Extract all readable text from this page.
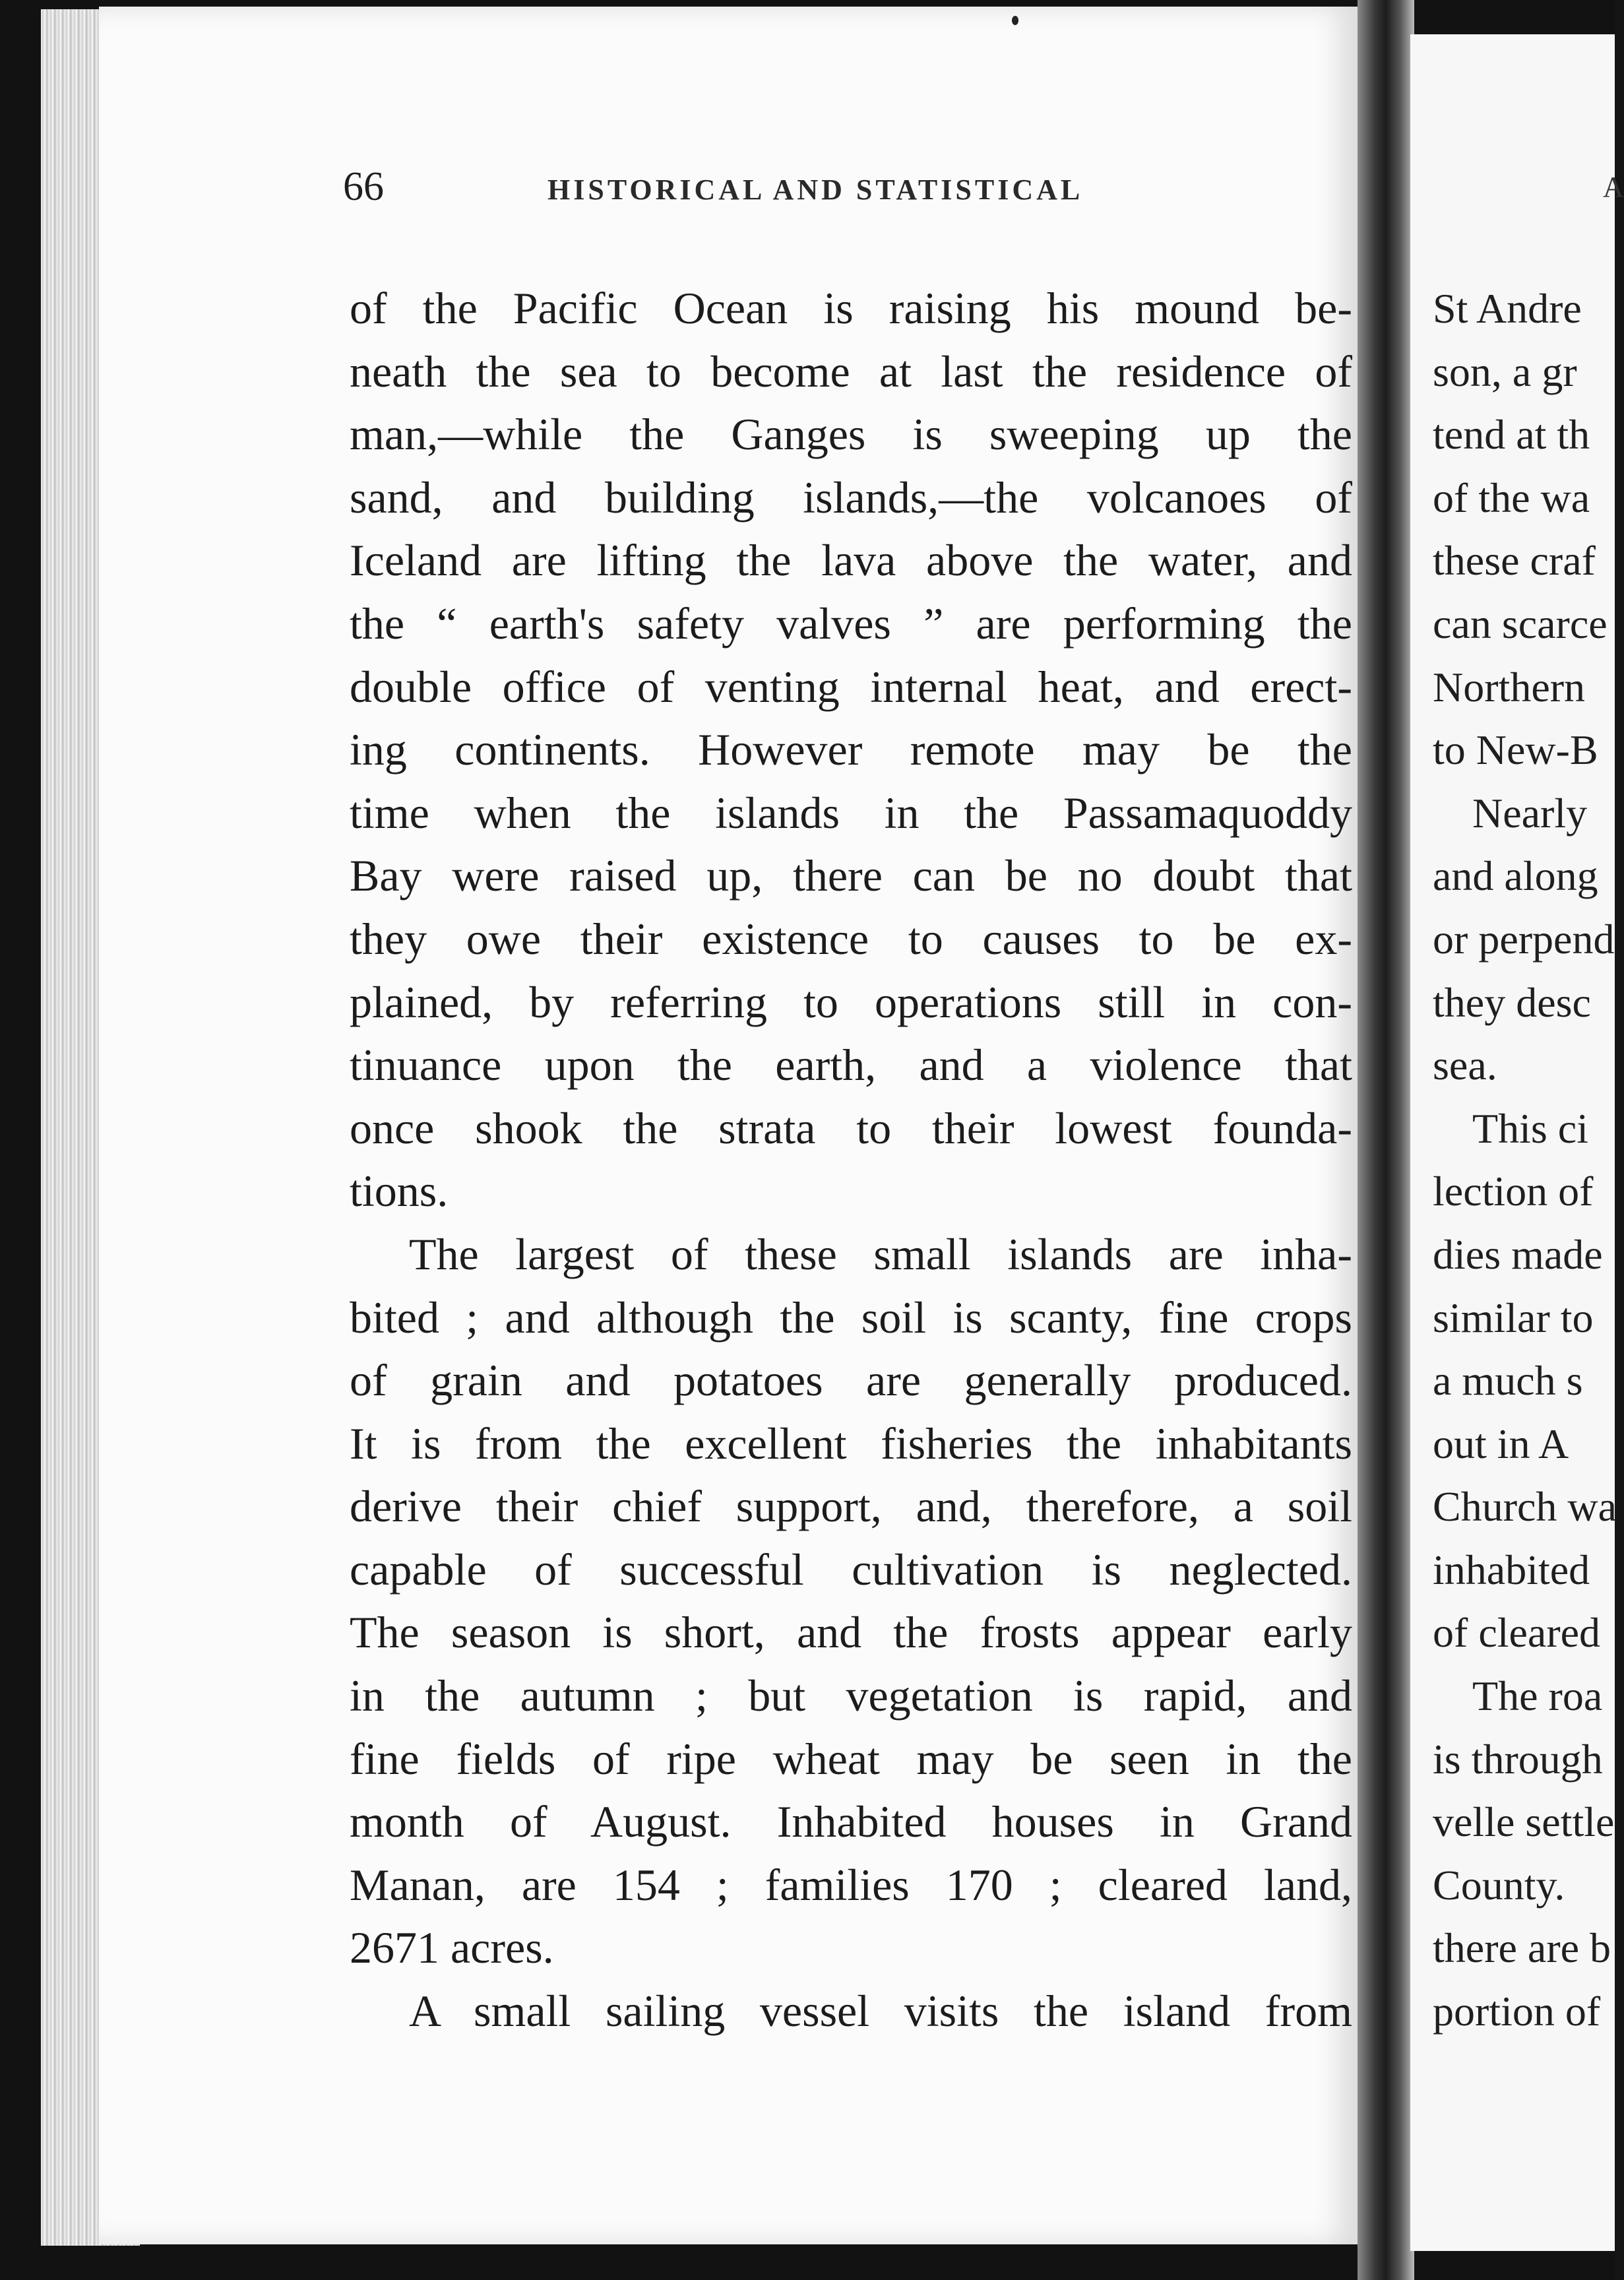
66	HISTORICAL AND STATISTICAL	A
of the Pacific Ocean is raising his mound be-
neath the sea to become at last the residence of
man,—while the Ganges is sweeping up the
sand, and building islands,—the volcanoes of
Iceland are lifting the lava above the water, and
the “ earth's safety valves ” are performing the
double office of venting internal heat, and erect-
ing continents. However remote may be the
time when the islands in the Passamaquoddy
Bay were raised up, there can be no doubt that
they owe their existence to causes to be ex-
plained, by referring to operations still in con-
tinuance upon the earth, and a violence that
once shook the strata to their lowest founda-
tions.
The largest of these small islands are inha-
bited ; and although the soil is scanty, fine crops
of grain and potatoes are generally produced.
It is from the excellent fisheries the inhabitants
derive their chief support, and, therefore, a soil
capable of successful cultivation is neglected.
The season is short, and the frosts appear early
in the autumn ; but vegetation is rapid, and
fine fields of ripe wheat may be seen in the
month of August. Inhabited houses in Grand
Manan, are 154 ; families 170 ; cleared land,
2671 acres.
A small sailing vessel visits the island from
St Andre
son, a gr
tend at th
of the wa
these craf
can scarce
Northern
to New-B
Nearly
and along
or perpend
they desc
sea.
This ci
lection of
dies made
similar to
a much s
out in A
Church wa
inhabited
of cleared
The roa
is through
velle settle
County.
there are b
portion of
